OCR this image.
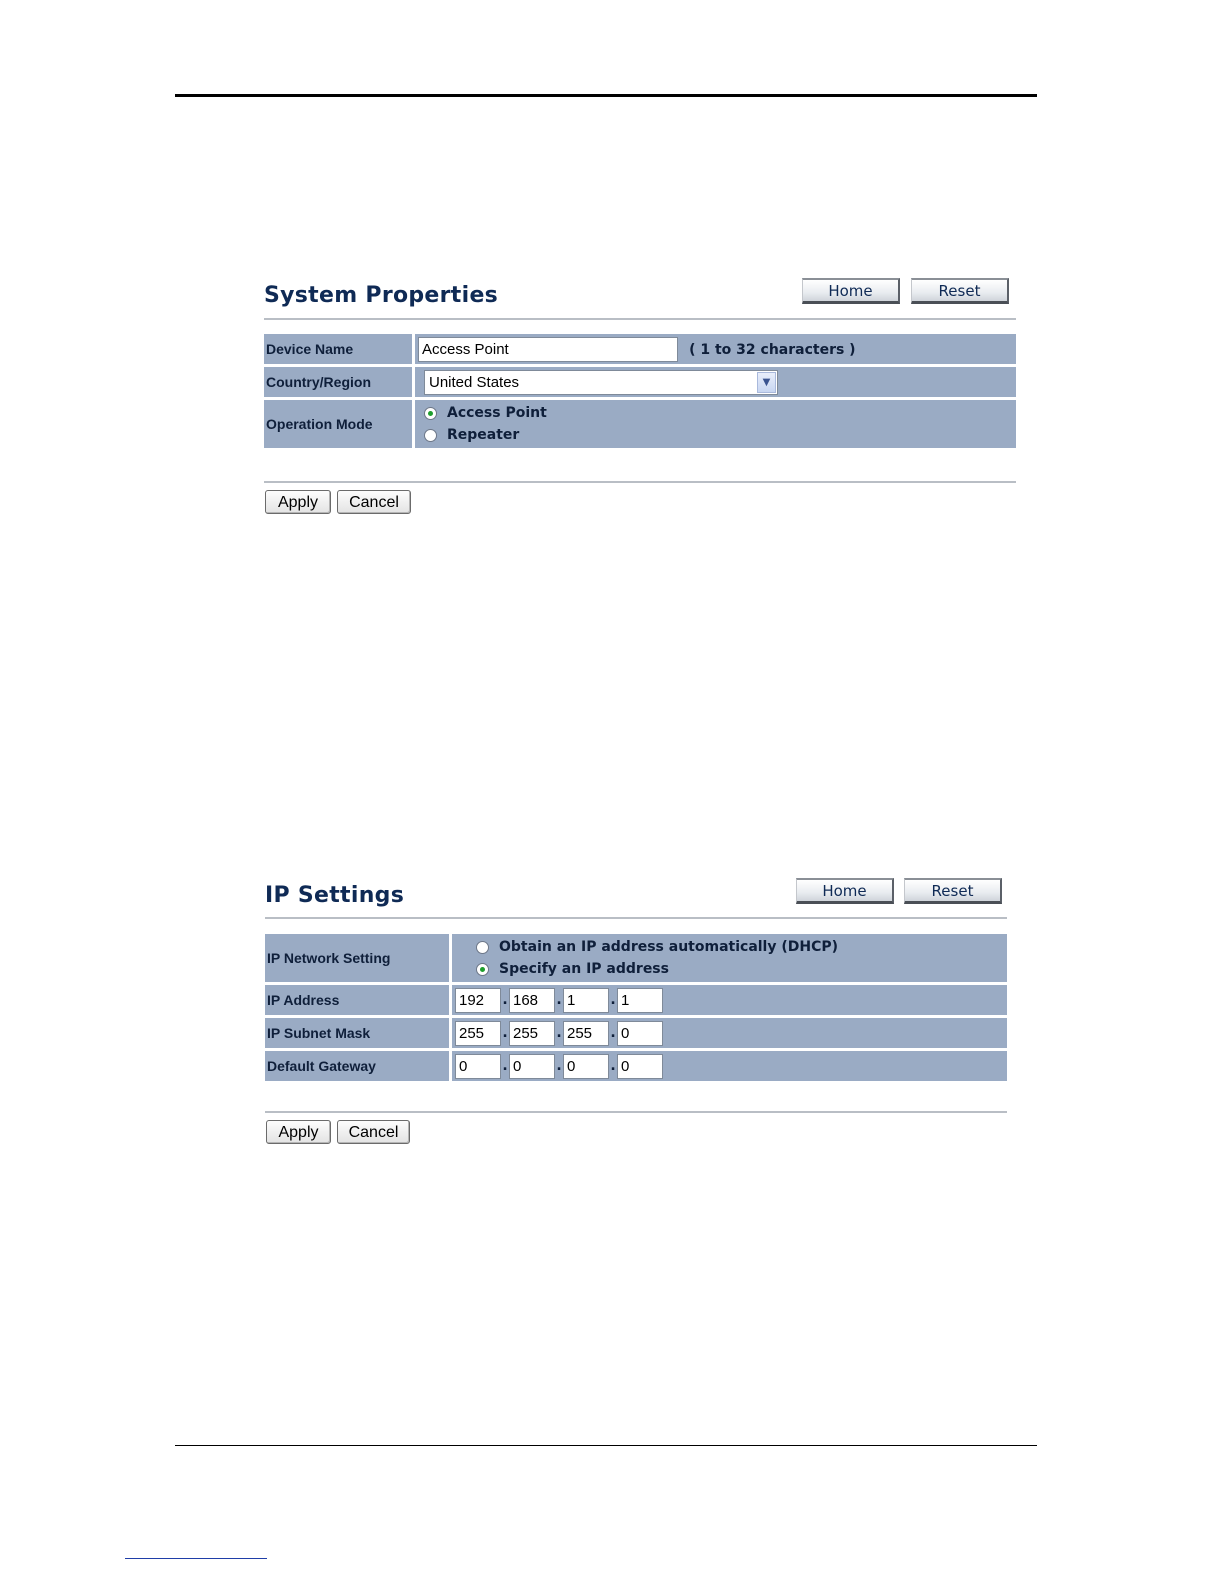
System Properties	Home	Reset
Device Name	Access Point( 1 to 32 characters )
Country/Region	United States ▼

Operation Mode	Access Point
Repeater
Apply	Cancel
IP Settings	Home	Reset
IP Network Setting	Obtain an IP address automatically (DHCP)
Specify an IP address

IP Address	192.168 .1 .1
IP Subnet Mask	255.255 .255 .0
Default Gateway	0.0 .0 .0
Apply	Cancel
